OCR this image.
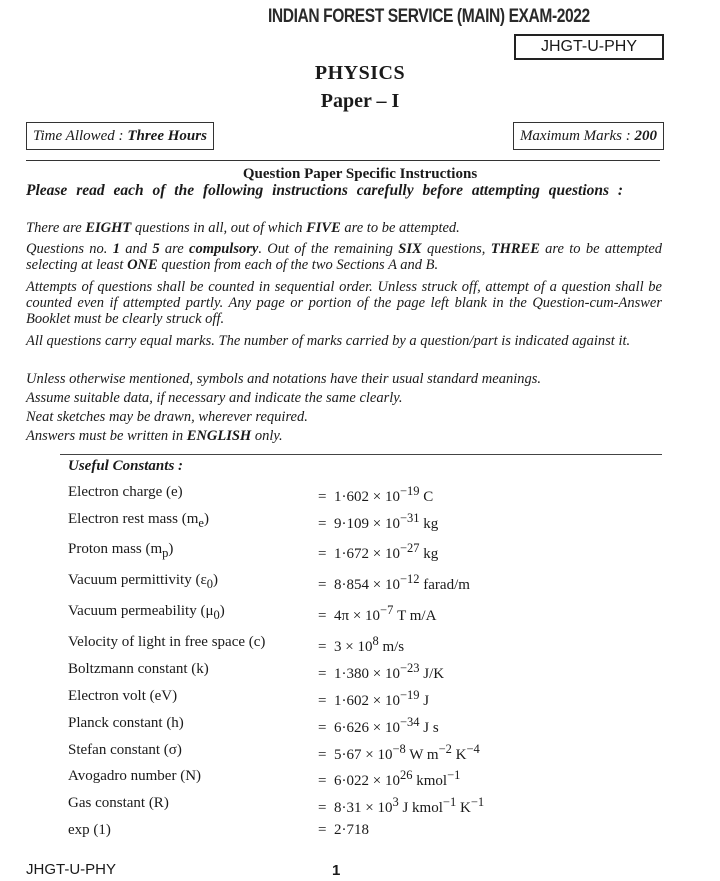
INDIAN FOREST SERVICE (MAIN) EXAM-2022
JHGT-U-PHY
PHYSICS
Paper – I
Time Allowed : Three Hours	Maximum Marks : 200
Question Paper Specific Instructions
Please read each of the following instructions carefully before attempting questions :
There are EIGHT questions in all, out of which FIVE are to be attempted.
Questions no. 1 and 5 are compulsory. Out of the remaining SIX questions, THREE are to be attempted selecting at least ONE question from each of the two Sections A and B.
Attempts of questions shall be counted in sequential order. Unless struck off, attempt of a question shall be counted even if attempted partly. Any page or portion of the page left blank in the Question-cum-Answer Booklet must be clearly struck off.
All questions carry equal marks. The number of marks carried by a question/part is indicated against it.
Unless otherwise mentioned, symbols and notations have their usual standard meanings.
Assume suitable data, if necessary and indicate the same clearly.
Neat sketches may be drawn, wherever required.
Answers must be written in ENGLISH only.
Useful Constants :
Electron charge (e)	= $1\cdot 602 \times 10^{-19}$ C
Electron rest mass $(m_e)$	= $9\cdot 109 \times 10^{-31}$ kg
Proton mass $(m_p)$	= $1\cdot 672 \times 10^{-27}$ kg
Vacuum permittivity $(\varepsilon_0)$	= $8\cdot 854 \times 10^{-12}$ farad/m
Vacuum permeability $(\mu_0)$	= $4\pi \times 10^{-7}$ T m/A
Velocity of light in free space (c)	= $3 \times 10^8$ m/s
Boltzmann constant (k)	= $1\cdot 380 \times 10^{-23}$ J/K
Electron volt (eV)	= $1\cdot 602 \times 10^{-19}$ J
Planck constant (h)	= $6\cdot 626 \times 10^{-34}$ J s
Stefan constant (σ)	= $5\cdot 67 \times 10^{-8}$ W $m^{-2}$ $K^{-4}$
Avogadro number (N)	= $6\cdot 022 \times 10^{26}$ kmol$^{-1}$
Gas constant (R)	= $8\cdot 31 \times 10^3$ J kmol$^{-1}$ $K^{-1}$
exp (1)	= 2·718
JHGT-U-PHY	1
